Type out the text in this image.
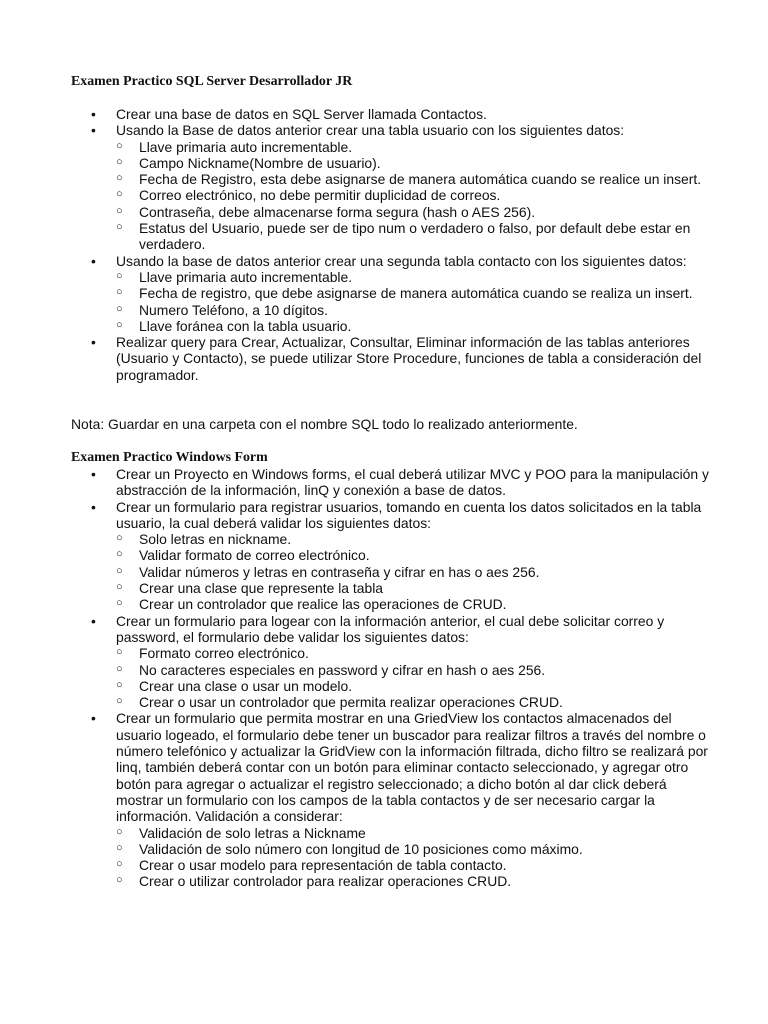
Examen Practico SQL Server Desarrollador JR

• Crear una base de datos en SQL Server llamada Contactos.
• Usando la Base de datos anterior crear una tabla usuario con los siguientes datos:
○ Llave primaria auto incrementable.
○ Campo Nickname(Nombre de usuario).
○ Fecha de Registro, esta debe asignarse de manera automática cuando se realice un insert.
○ Correo electrónico, no debe permitir duplicidad de correos.
○ Contraseña, debe almacenarse forma segura (hash o AES 256).
○ Estatus del Usuario, puede ser de tipo num o verdadero o falso, por default debe estar en verdadero.
• Usando la base de datos anterior crear una segunda tabla contacto con los siguientes datos:
○ Llave primaria auto incrementable.
○ Fecha de registro, que debe asignarse de manera automática cuando se realiza un insert.
○ Numero Teléfono, a 10 dígitos.
○ Llave foránea con la tabla usuario.
• Realizar query para Crear, Actualizar, Consultar, Eliminar información de las tablas anteriores (Usuario y Contacto), se puede utilizar Store Procedure, funciones de tabla a consideración del programador.

Nota: Guardar en una carpeta con el nombre SQL todo lo realizado anteriormente.

Examen Practico Windows Form

• Crear un Proyecto en Windows forms, el cual deberá utilizar MVC y POO para la manipulación y abstracción de la información, linQ y conexión a base de datos.
• Crear un formulario para registrar usuarios, tomando en cuenta los datos solicitados en la tabla usuario, la cual deberá validar los siguientes datos:
○ Solo letras en nickname.
○ Validar formato de correo electrónico.
○ Validar números y letras en contraseña y cifrar en has o aes 256.
○ Crear una clase que represente la tabla
○ Crear un controlador que realice las operaciones de CRUD.
• Crear un formulario para logear con la información anterior, el cual debe solicitar correo y password, el formulario debe validar los siguientes datos:
○ Formato correo electrónico.
○ No caracteres especiales en password y cifrar en hash o aes 256.
○ Crear una clase o usar un modelo.
○ Crear o usar un controlador que permita realizar operaciones CRUD.
• Crear un formulario que permita mostrar en una GriedView los contactos almacenados del usuario logeado, el formulario debe tener un buscador para realizar filtros a través del nombre o número telefónico y actualizar la GridView con la información filtrada, dicho filtro se realizará por linq, también deberá contar con un botón para eliminar contacto seleccionado, y agregar otro botón para agregar o actualizar el registro seleccionado; a dicho botón al dar click deberá mostrar un formulario con los campos de la tabla contactos y de ser necesario cargar la información. Validación a considerar:
○ Validación de solo letras a Nickname
○ Validación de solo número con longitud de 10 posiciones como máximo.
○ Crear o usar modelo para representación de tabla contacto.
○ Crear o utilizar controlador para realizar operaciones CRUD.
